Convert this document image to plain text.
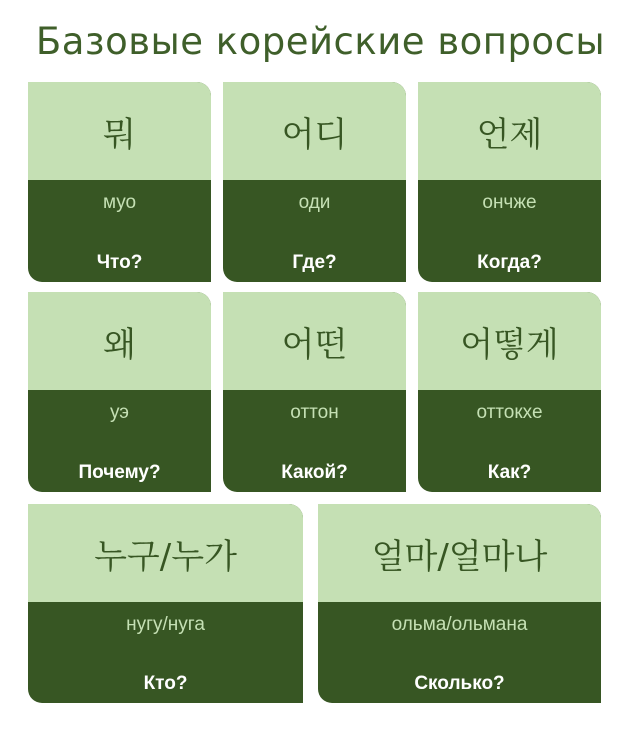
Базовые корейские вопросы
뭐
муо
Что?
어디
оди
Где?
언제
ончже
Когда?
왜
уэ
Почему?
어떤
оттон
Какой?
어떻게
оттокхе
Как?
누구/누가
нугу/нуга
Кто?
얼마/얼마나
ольма/ольмана
Сколько?
